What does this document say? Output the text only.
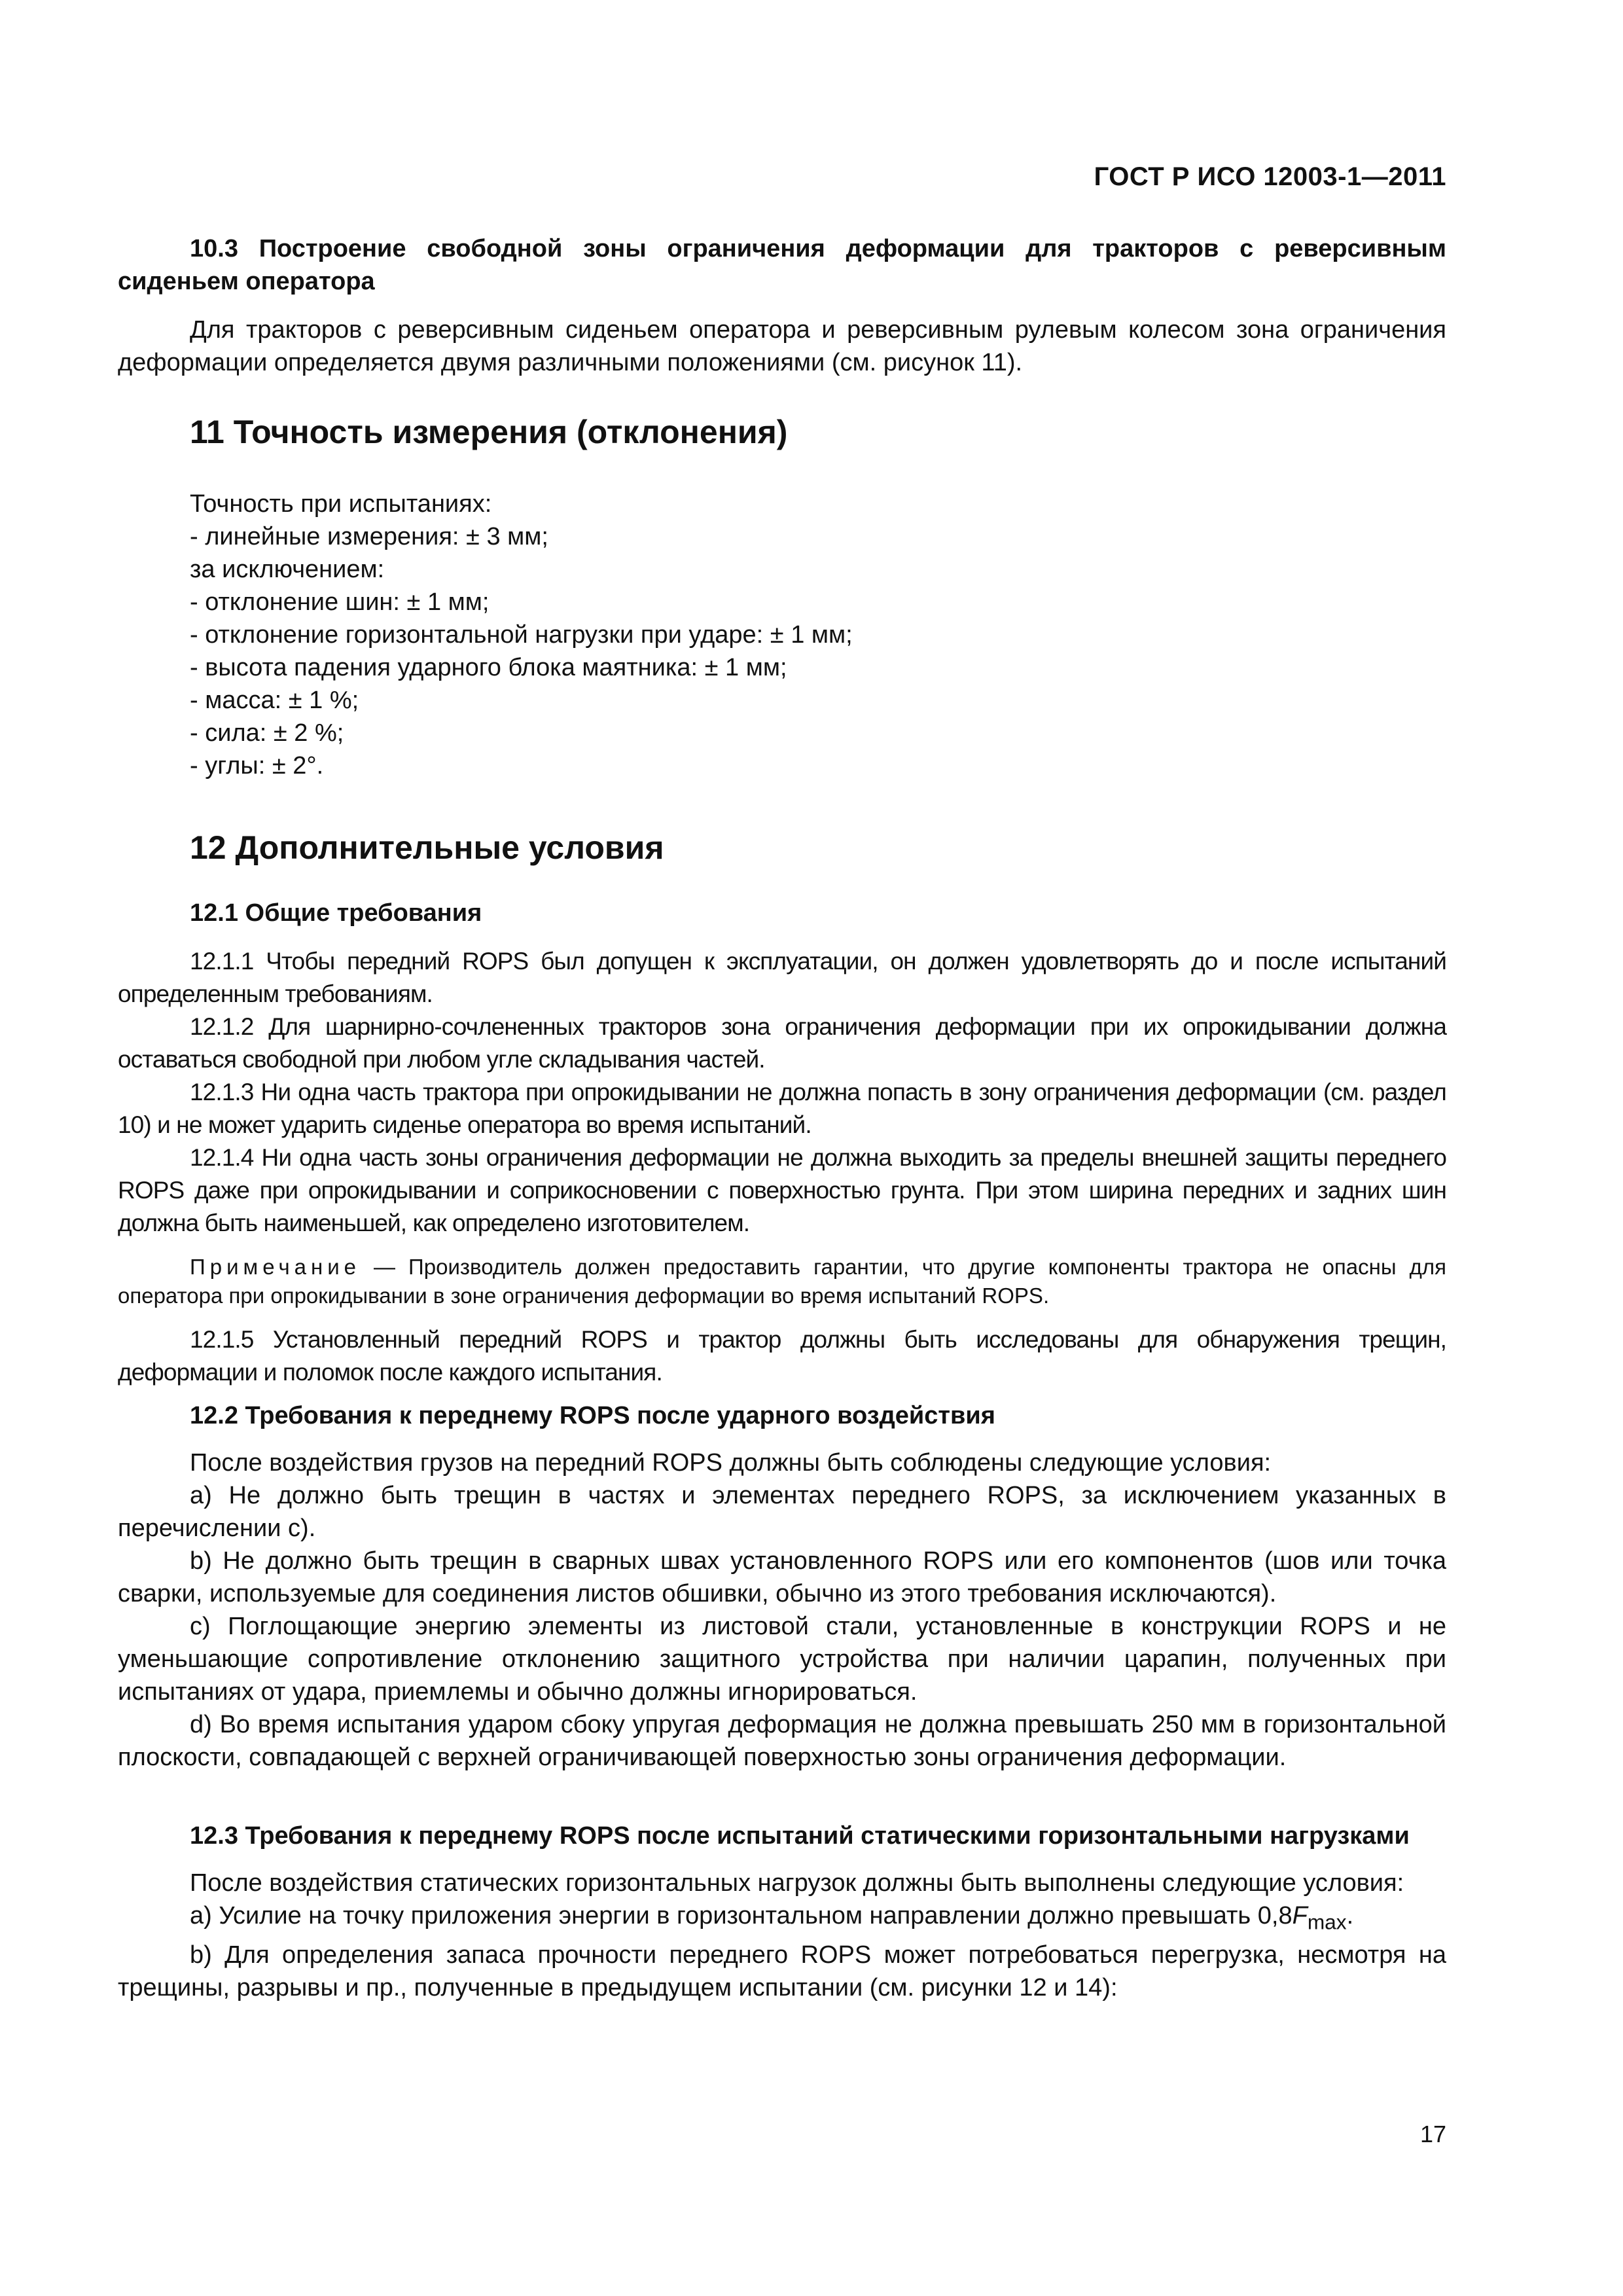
ГОСТ Р ИСО 12003-1—2011

10.3 Построение свободной зоны ограничения деформации для тракторов с реверсивным сиденьем оператора

Для тракторов с реверсивным сиденьем оператора и реверсивным рулевым колесом зона ограничения деформации определяется двумя различными положениями (см. рисунок 11).

11 Точность измерения (отклонения)

Точность при испытаниях:

- линейные измерения: ± 3 мм;

за исключением:

- отклонение шин: ± 1 мм;

- отклонение горизонтальной нагрузки при ударе: ± 1 мм;

- высота падения ударного блока маятника: ± 1 мм;

- масса: ± 1 %;

- сила: ± 2 %;

- углы: ± 2°.

12 Дополнительные условия

12.1 Общие требования

12.1.1 Чтобы передний ROPS был допущен к эксплуатации, он должен удовлетворять до и после испытаний определенным требованиям.

12.1.2 Для шарнирно-сочлененных тракторов зона ограничения деформации при их опрокидывании должна оставаться свободной при любом угле складывания частей.

12.1.3 Ни одна часть трактора при опрокидывании не должна попасть в зону ограничения деформации (см. раздел 10) и не может ударить сиденье оператора во время испытаний.

12.1.4 Ни одна часть зоны ограничения деформации не должна выходить за пределы внешней защиты переднего ROPS даже при опрокидывании и соприкосновении с поверхностью грунта. При этом ширина передних и задних шин должна быть наименьшей, как определено изготовителем.

Примечание — Производитель должен предоставить гарантии, что другие компоненты трактора не опасны для оператора при опрокидывании в зоне ограничения деформации во время испытаний ROPS.

12.1.5 Установленный передний ROPS и трактор должны быть исследованы для обнаружения трещин, деформации и поломок после каждого испытания.

12.2 Требования к переднему ROPS после ударного воздействия

После воздействия грузов на передний ROPS должны быть соблюдены следующие условия:

a) Не должно быть трещин в частях и элементах переднего ROPS, за исключением указанных в перечислении с).

b) Не должно быть трещин в сварных швах установленного ROPS или его компонентов (шов или точка сварки, используемые для соединения листов обшивки, обычно из этого требования исключаются).

c) Поглощающие энергию элементы из листовой стали, установленные в конструкции ROPS и не уменьшающие сопротивление отклонению защитного устройства при наличии царапин, полученных при испытаниях от удара, приемлемы и обычно должны игнорироваться.

d) Во время испытания ударом сбоку упругая деформация не должна превышать 250 мм в горизонтальной плоскости, совпадающей с верхней ограничивающей поверхностью зоны ограничения деформации.

12.3 Требования к переднему ROPS после испытаний статическими горизонтальными нагрузками

После воздействия статических горизонтальных нагрузок должны быть выполнены следующие условия:

a) Усилие на точку приложения энергии в горизонтальном направлении должно превышать $0,8F_{max}$.

b) Для определения запаса прочности переднего ROPS может потребоваться перегрузка, несмотря на трещины, разрывы и пр., полученные в предыдущем испытании (см. рисунки 12 и 14):

17
